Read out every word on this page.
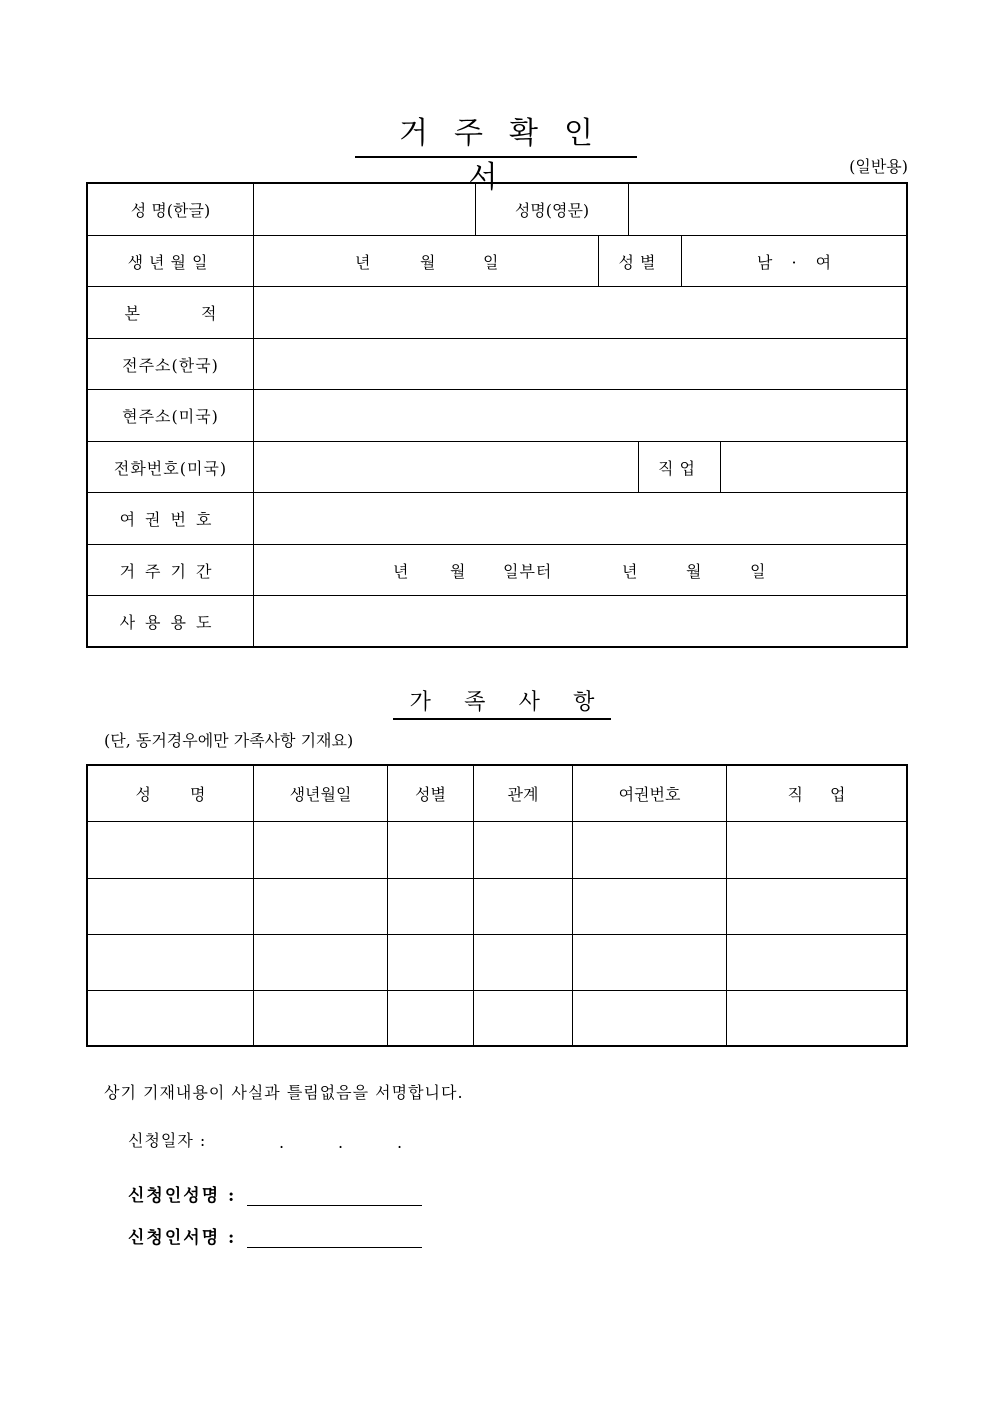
거주확인서	(일반용)
성 명(한글)	성명(영문)
생년월일	년	월	일	성별	남 · 여
본 적
전주소(한국)
현주소(미국)
전화번호(미국)	직업
여권번호
거주기간	년	월 일부터	년	월	일
사용용도
가 족 사 항
(단, 동거경우에만 가족사항 기재요)
성 명	생년월일	성별	관계	여권번호	직 업
상기 기재내용이 사실과 틀림없음을 서명합니다.
신청일자 :	.	.	.
신청인성명 :
신청인서명 :
